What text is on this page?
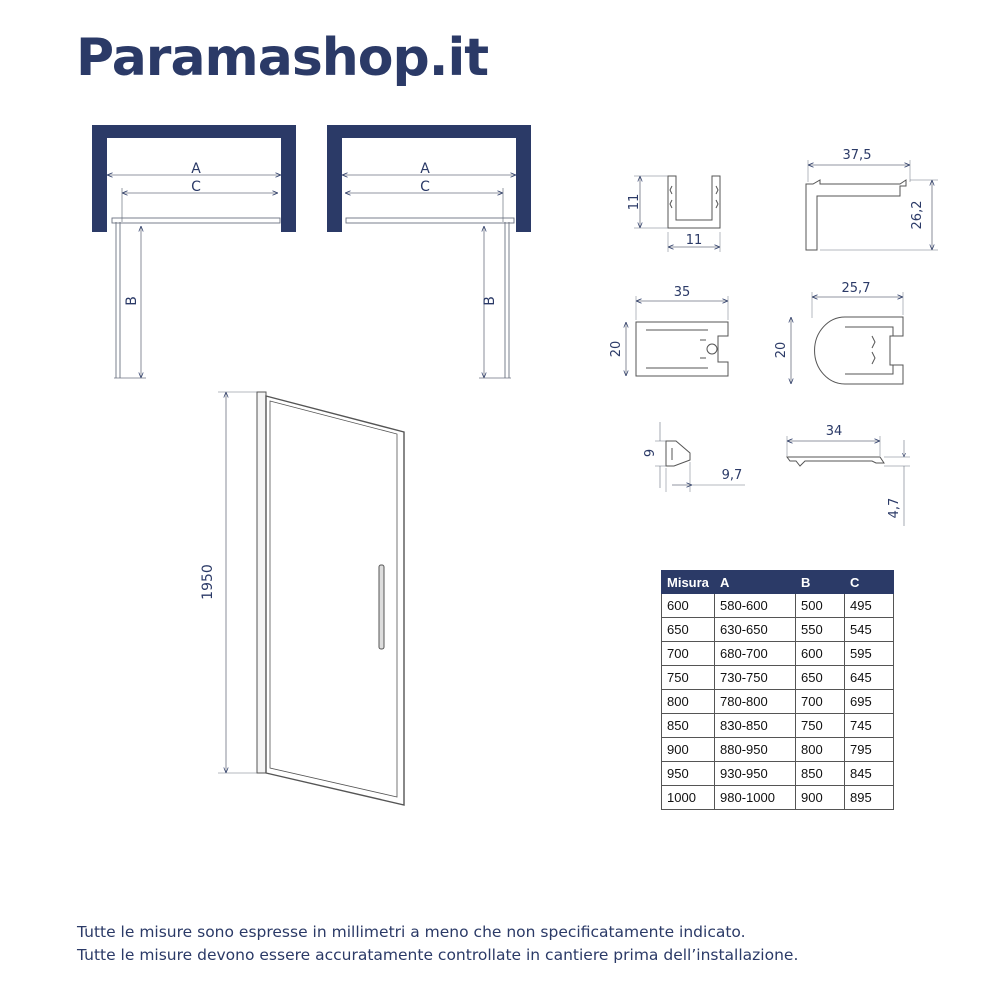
Paramashop.it
A
C
B
A
C
B
1950
11
11
37,5
26,2
35
20
25,7
20
9
9,7
34
4,7
Misura	A	B	C
600	580-600	500	495
650	630-650	550	545
700	680-700	600	595
750	730-750	650	645
800	780-800	700	695
850	830-850	750	745
900	880-950	800	795
950	930-950	850	845
1000	980-1000	900	895
Tutte le misure sono espresse in millimetri a meno che non specificatamente indicato.
Tutte le misure devono essere accuratamente controllate in cantiere prima dell’installazione.
